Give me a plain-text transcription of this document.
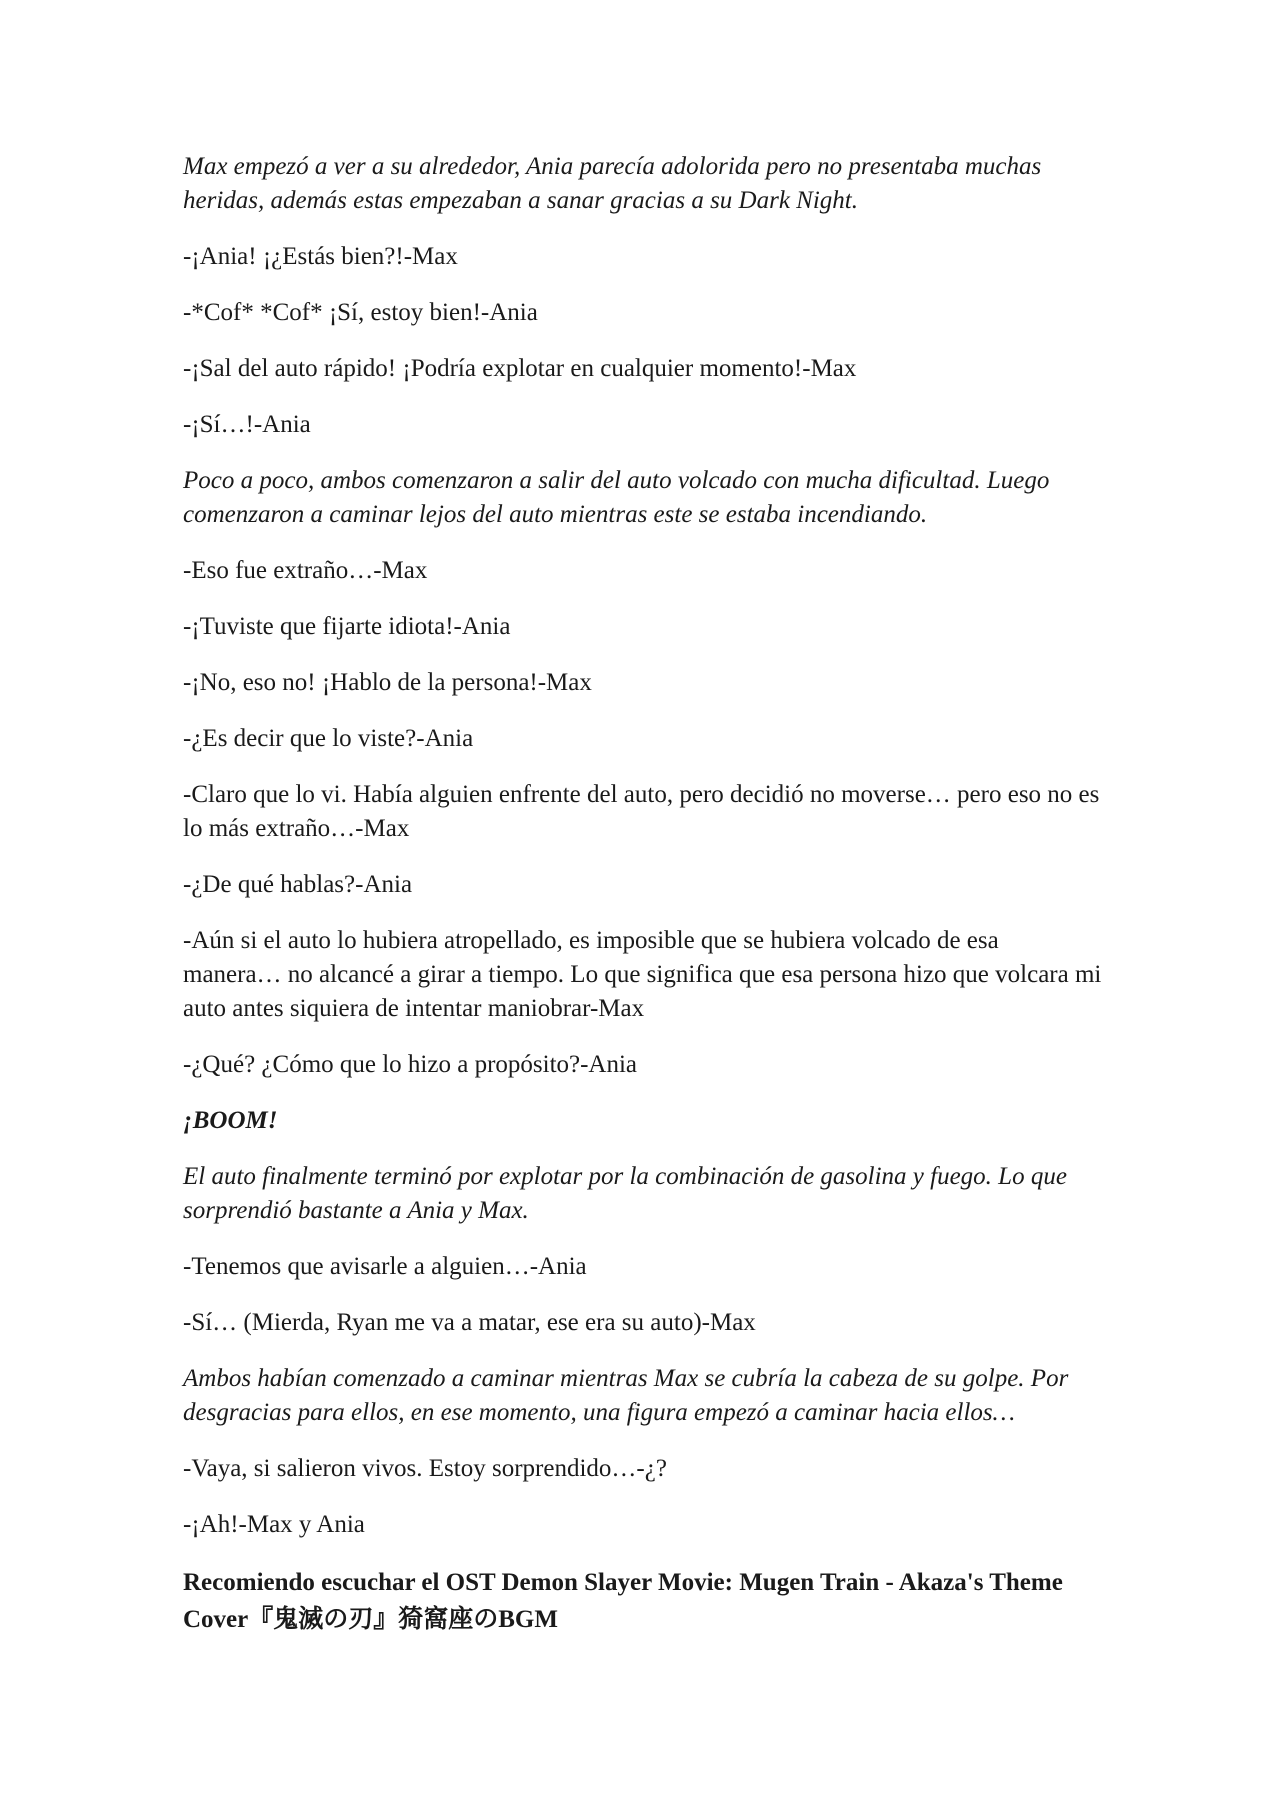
Max empezó a ver a su alrededor, Ania parecía adolorida pero no presentaba muchas heridas, además estas empezaban a sanar gracias a su Dark Night.

-¡Ania! ¡¿Estás bien?!-Max

-*Cof* *Cof* ¡Sí, estoy bien!-Ania

-¡Sal del auto rápido! ¡Podría explotar en cualquier momento!-Max

-¡Sí…!-Ania

Poco a poco, ambos comenzaron a salir del auto volcado con mucha dificultad. Luego comenzaron a caminar lejos del auto mientras este se estaba incendiando.

-Eso fue extraño…-Max

-¡Tuviste que fijarte idiota!-Ania

-¡No, eso no! ¡Hablo de la persona!-Max

-¿Es decir que lo viste?-Ania

-Claro que lo vi. Había alguien enfrente del auto, pero decidió no moverse… pero eso no es lo más extraño…-Max

-¿De qué hablas?-Ania

-Aún si el auto lo hubiera atropellado, es imposible que se hubiera volcado de esa manera… no alcancé a girar a tiempo. Lo que significa que esa persona hizo que volcara mi auto antes siquiera de intentar maniobrar-Max

-¿Qué? ¿Cómo que lo hizo a propósito?-Ania

¡BOOM!

El auto finalmente terminó por explotar por la combinación de gasolina y fuego. Lo que sorprendió bastante a Ania y Max.

-Tenemos que avisarle a alguien…-Ania

-Sí… (Mierda, Ryan me va a matar, ese era su auto)-Max

Ambos habían comenzado a caminar mientras Max se cubría la cabeza de su golpe. Por desgracias para ellos, en ese momento, una figura empezó a caminar hacia ellos…

-Vaya, si salieron vivos. Estoy sorprendido…-¿?

-¡Ah!-Max y Ania

Recomiendo escuchar el OST Demon Slayer Movie: Mugen Train - Akaza's Theme Cover『鬼滅の刃』猗窩座のBGM
